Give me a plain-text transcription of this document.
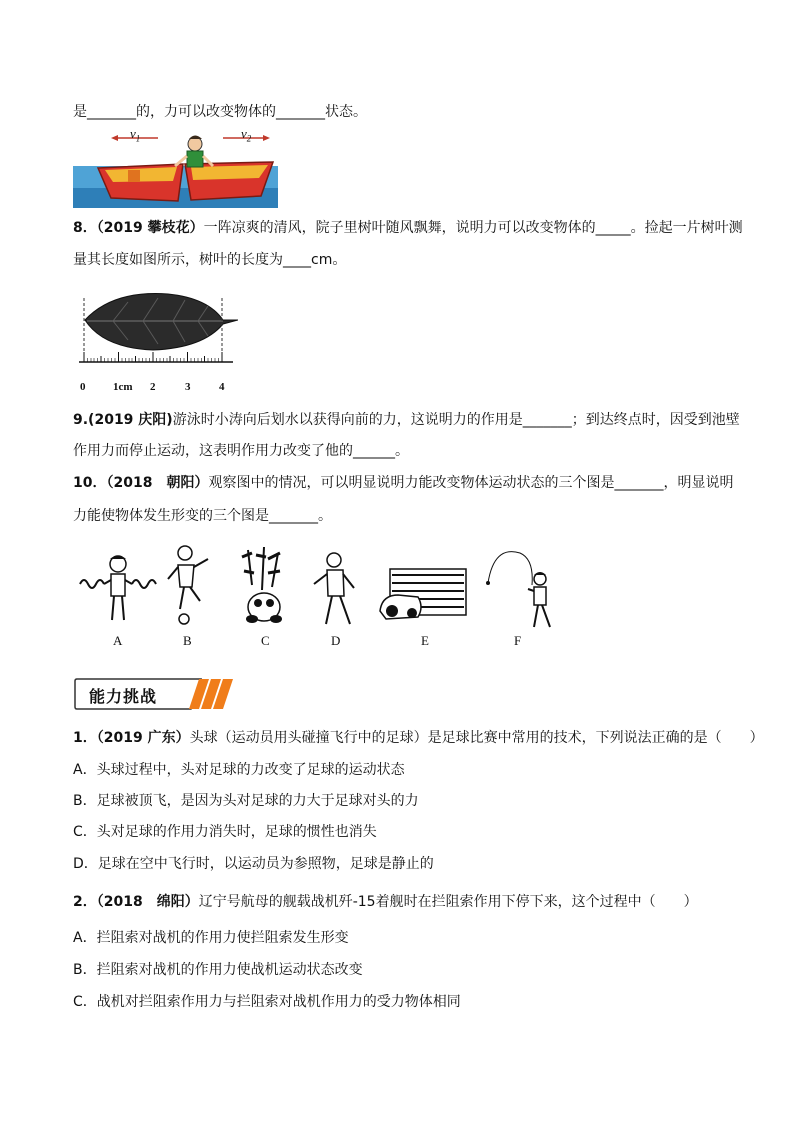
是_______的，力可以改变物体的_______状态。
$v_1$	$v_2$
8．（2019 攀枝花）一阵凉爽的清风，院子里树叶随风飘舞，说明力可以改变物体的_____。捡起一片树叶测
量其长度如图所示，树叶的长度为____cm。
0	1cm 2	3	4
9.(2019 庆阳)游泳时小涛向后划水以获得向前的力，这说明力的作用是_______；到达终点时，因受到池壁
作用力而停止运动，这表明作用力改变了他的______。
10．（2018　朝阳）观察图中的情况，可以明显说明力能改变物体运动状态的三个图是_______，明显说明
力能使物体发生形变的三个图是_______。
A	B	C	D	E	F
能力挑战
1．（2019 广东）头球（运动员用头碰撞飞行中的足球）是足球比赛中常用的技术，下列说法正确的是（　　）
A．头球过程中，头对足球的力改变了足球的运动状态
B．足球被顶飞，是因为头对足球的力大于足球对头的力
C．头对足球的作用力消失时，足球的惯性也消失
D．足球在空中飞行时，以运动员为参照物，足球是静止的
2．（2018　绵阳）辽宁号航母的舰载战机歼-15着舰时在拦阻索作用下停下来，这个过程中（　　）
A．拦阻索对战机的作用力使拦阻索发生形变
B．拦阻索对战机的作用力使战机运动状态改变
C．战机对拦阻索作用力与拦阻索对战机作用力的受力物体相同
